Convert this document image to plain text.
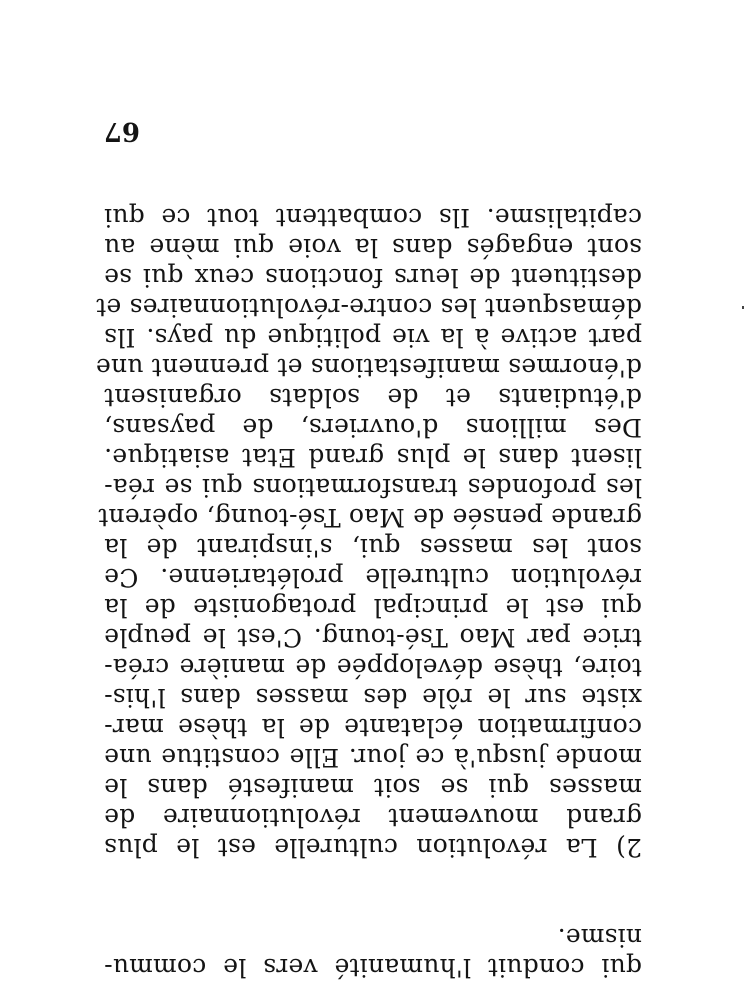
qui conduit l'humanité vers le commu-
nisme.
2) La révolution culturelle est le plus
grand mouvement révolutionnaire de
masses qui se soit manifesté dans le
monde jusqu'à ce jour. Elle constitue une
confirmation éclatante de la thèse mar-
xiste sur le rôle des masses dans l'his-
toire, thèse développée de manière créa-
trice par Mao Tsé-toung. C'est le peuple
qui est le principal protagoniste de la
révolution culturelle prolétarienne. Ce
sont les masses qui, s'inspirant de la
grande pensée de Mao Tsé-toung, opèrent
les profondes transformations qui se réa-
lisent dans le plus grand Etat asiatique.
Des millions d'ouvriers, de paysans,
d'étudiants et de soldats organisent
d'énormes manifestations et prennent une
part active à la vie politique du pays. Ils
démasquent les contre-révolutionnaires et
destituent de leurs fonctions ceux qui se
sont engagés dans la voie qui mène au
capitalisme. Ils combattent tout ce qui
67
